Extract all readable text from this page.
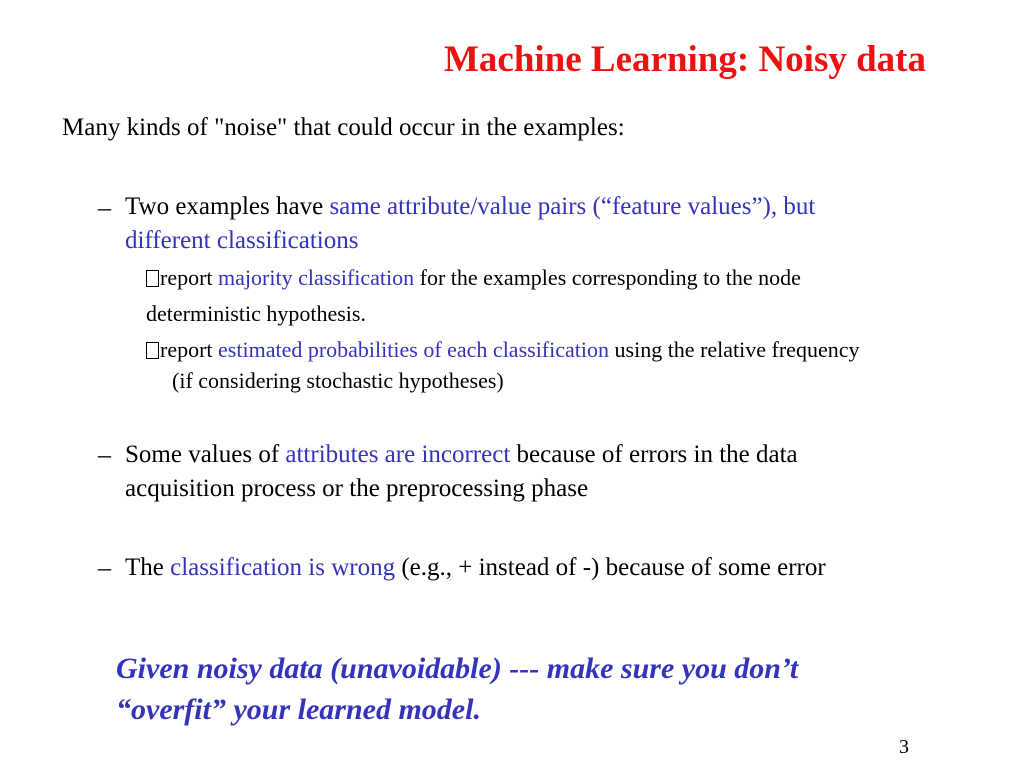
Machine Learning: Noisy data
Many kinds of "noise" that could occur in the examples:
– Two examples have same attribute/value pairs (“feature values”), but
different classifications
report majority classification for the examples corresponding to the node
deterministic hypothesis.
report estimated probabilities of each classification using the relative frequency
(if considering stochastic hypotheses)
– Some values of attributes are incorrect because of errors in the data
acquisition process or the preprocessing phase
– The classification is wrong (e.g., + instead of -) because of some error
Given noisy data (unavoidable) --- make sure you don’t
“overfit” your learned model.
3
